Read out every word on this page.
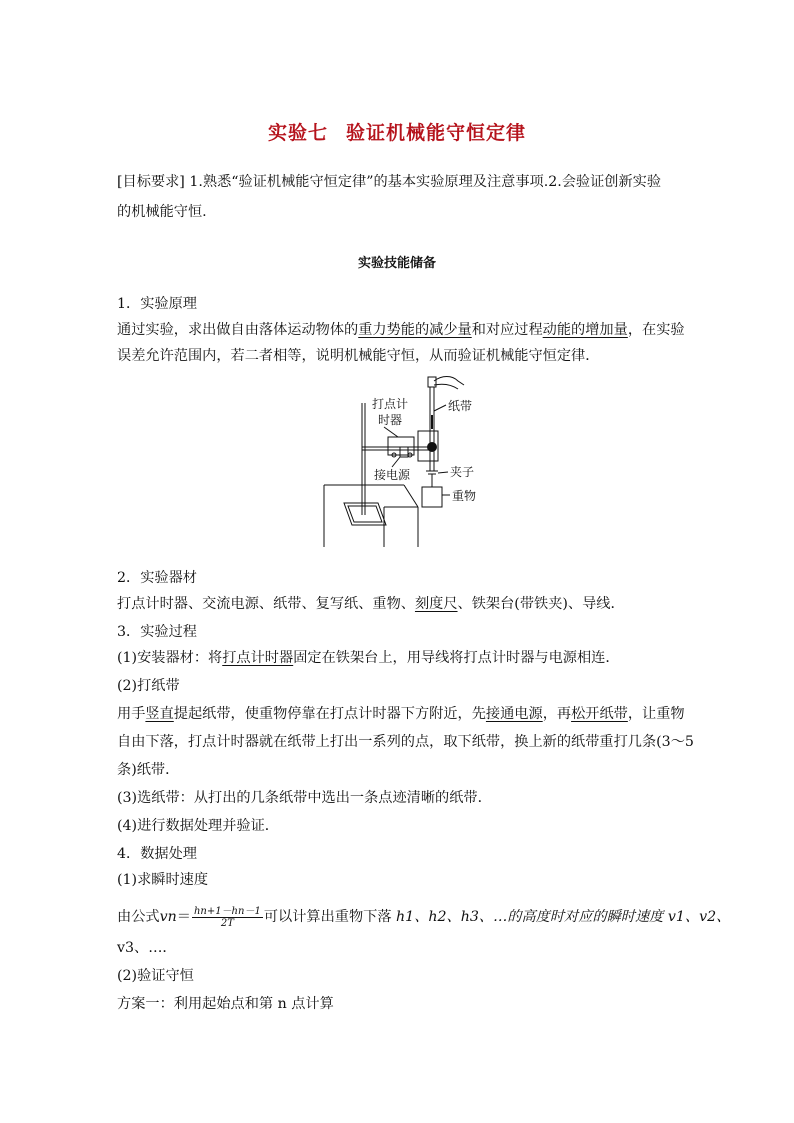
实验七 验证机械能守恒定律
[目标要求] 1.熟悉“验证机械能守恒定律”的基本实验原理及注意事项.2.会验证创新实验
的机械能守恒.
实验技能储备
1．实验原理
通过实验，求出做自由落体运动物体的重力势能的减少量和对应过程动能的增加量，在实验
误差允许范围内，若二者相等，说明机械能守恒，从而验证机械能守恒定律．
打点计
时器
纸带
接电源	夹子
重物
2．实验器材
打点计时器、交流电源、纸带、复写纸、重物、刻度尺、铁架台(带铁夹)、导线．
3．实验过程
(1)安装器材：将打点计时器固定在铁架台上，用导线将打点计时器与电源相连．
(2)打纸带
用手竖直提起纸带，使重物停靠在打点计时器下方附近，先接通电源，再松开纸带，让重物
自由下落，打点计时器就在纸带上打出一系列的点，取下纸带，换上新的纸带重打几条(3～5
条)纸带．
(3)选纸带：从打出的几条纸带中选出一条点迹清晰的纸带．
(4)进行数据处理并验证．
4．数据处理
(1)求瞬时速度
由公式$vn= \frac{hn+1-hn-1}{2T}$ 可以计算出重物下落 h1、h2、h3、…的高度时对应的瞬时速度 v1、v2、
v3、…．
(2)验证守恒
方案一：利用起始点和第 n 点计算
